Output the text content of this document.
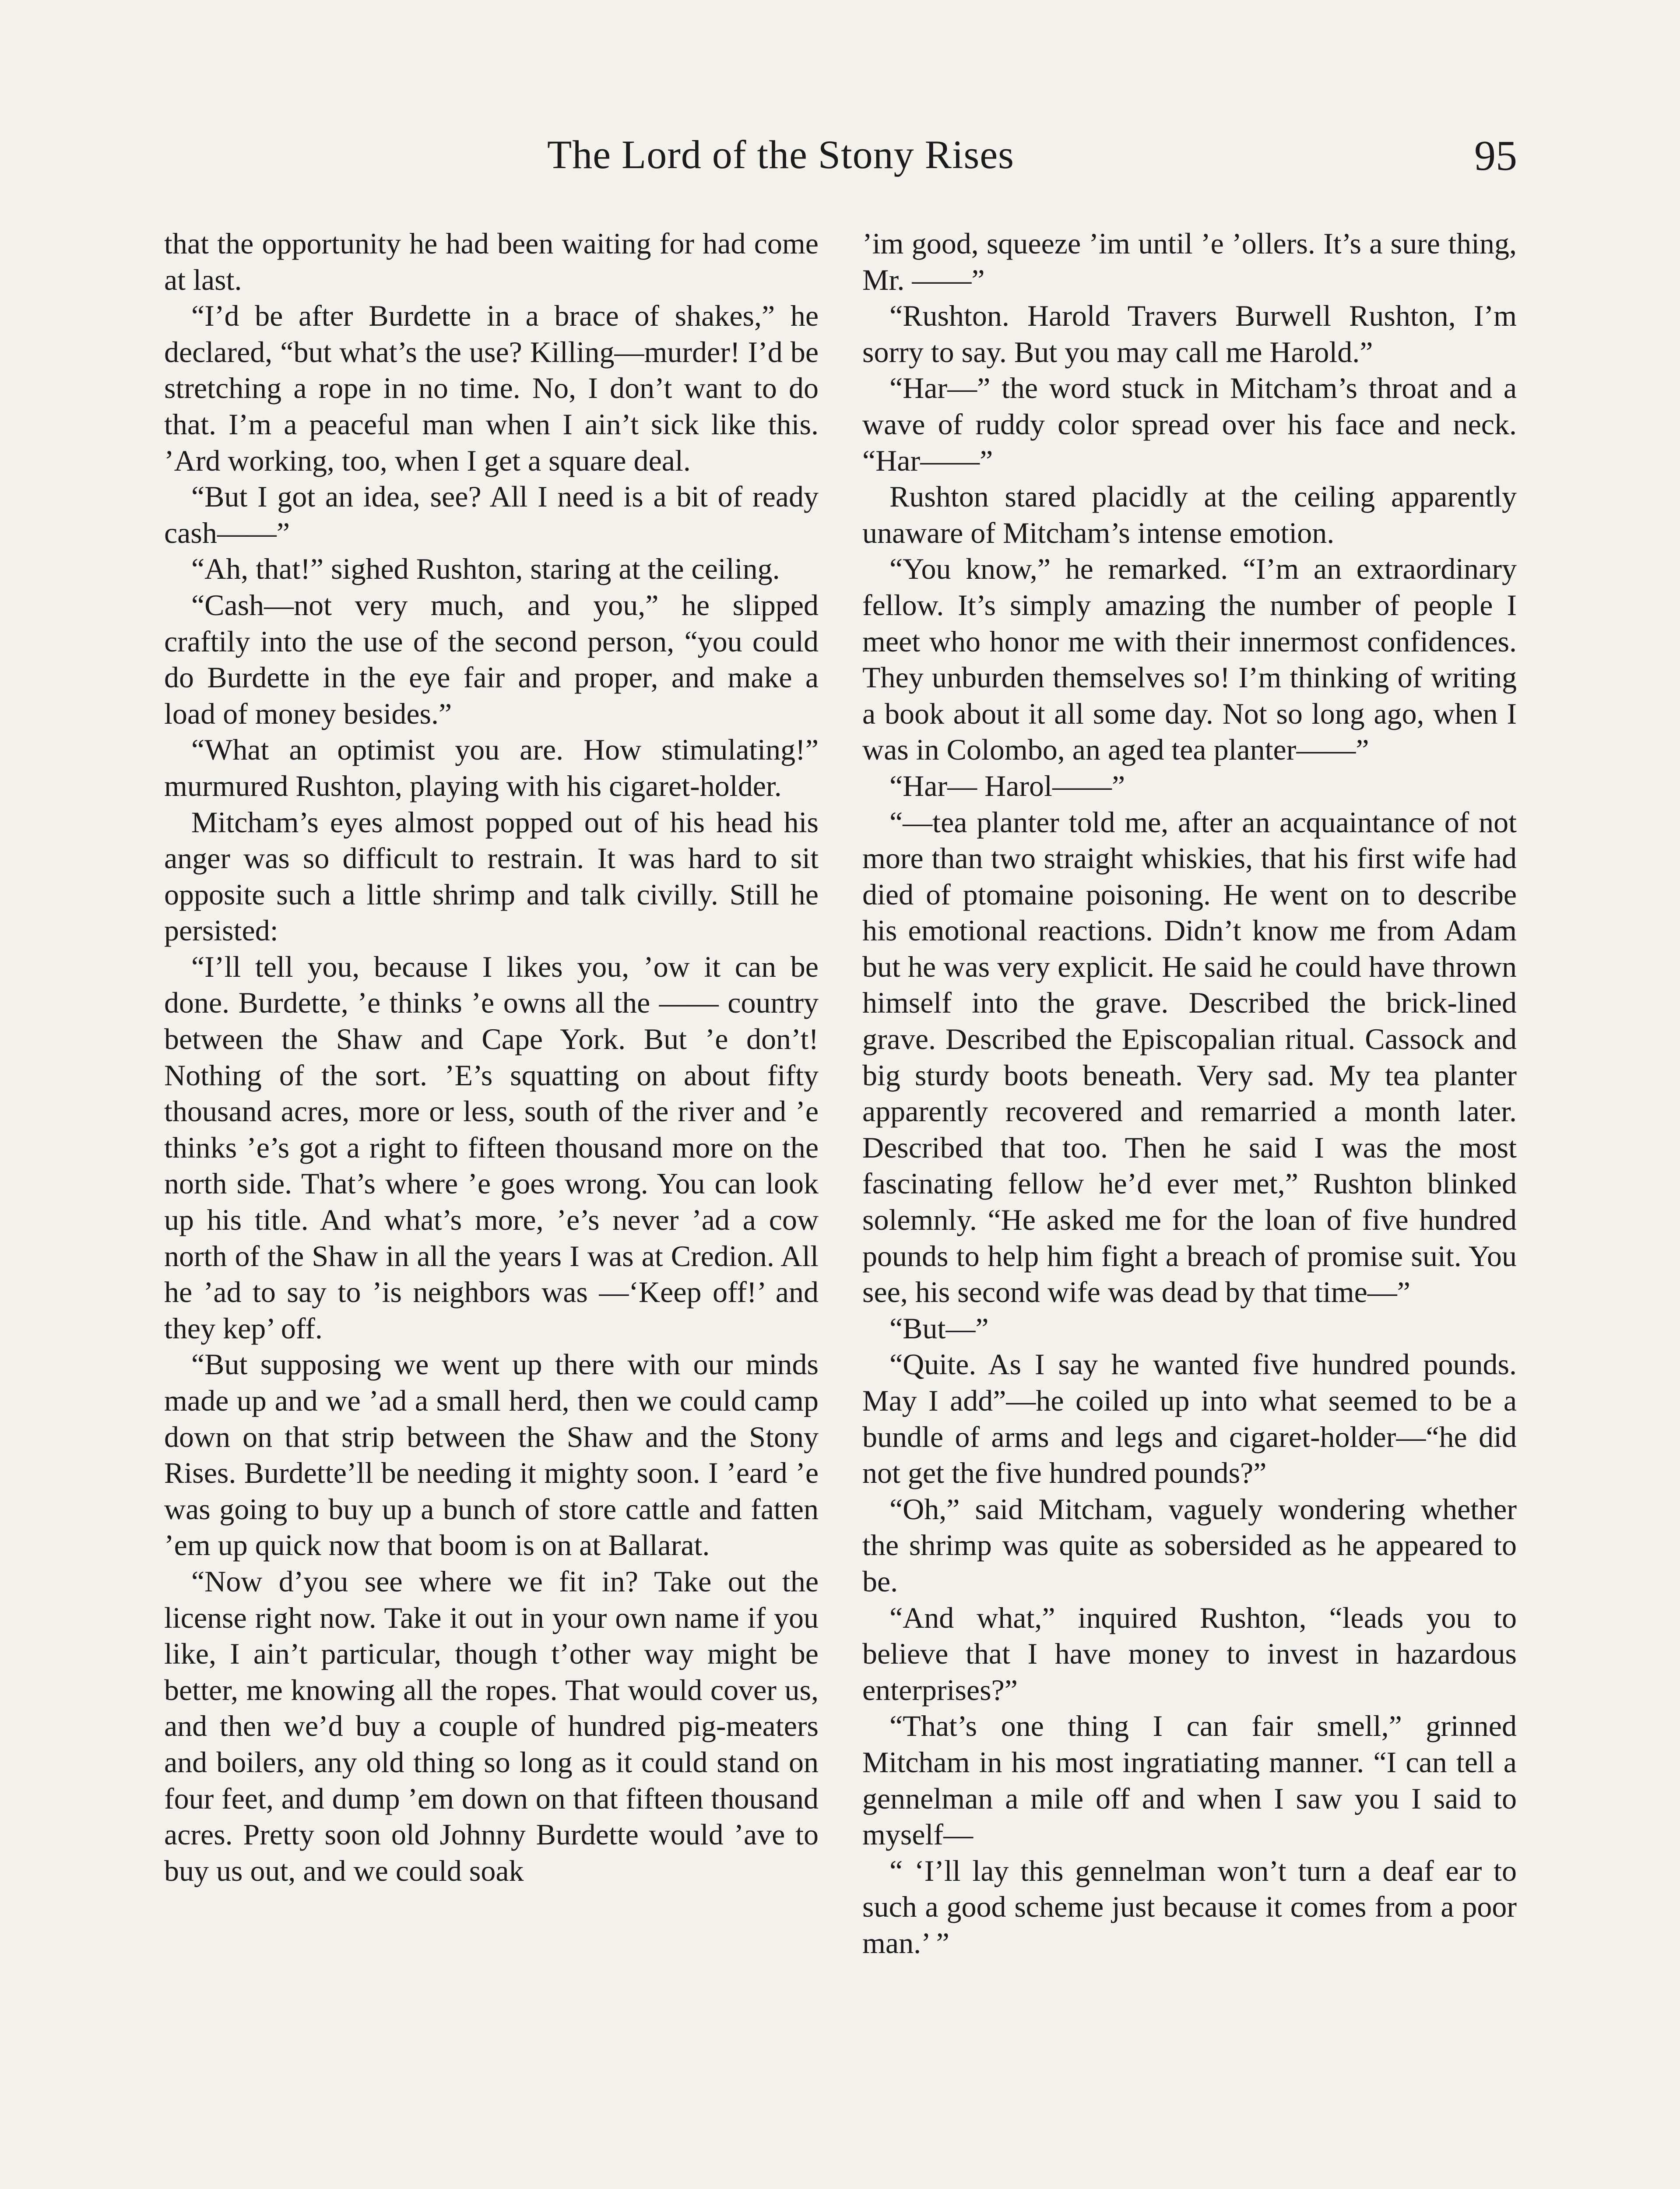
The Lord of the Stony Rises	95

that the opportunity he had been waiting for had come at last.

“I’d be after Burdette in a brace of shakes,” he declared, “but what’s the use? Killing—murder! I’d be stretching a rope in no time. No, I don’t want to do that. I’m a peaceful man when I ain’t sick like this. ’Ard working, too, when I get a square deal.

“But I got an idea, see? All I need is a bit of ready cash——”

“Ah, that!” sighed Rushton, staring at the ceiling.

“Cash—not very much, and you,” he slipped craftily into the use of the second person, “you could do Burdette in the eye fair and proper, and make a load of money besides.”

“What an optimist you are. How stimulating!” murmured Rushton, playing with his cigaret-holder.

Mitcham’s eyes almost popped out of his head his anger was so difficult to restrain. It was hard to sit opposite such a little shrimp and talk civilly. Still he persisted:

“I’ll tell you, because I likes you, ’ow it can be done. Burdette, ’e thinks ’e owns all the —— country between the Shaw and Cape York. But ’e don’t! Nothing of the sort. ’E’s squatting on about fifty thousand acres, more or less, south of the river and ’e thinks ’e’s got a right to fifteen thousand more on the north side. That’s where ’e goes wrong. You can look up his title. And what’s more, ’e’s never ’ad a cow north of the Shaw in all the years I was at Credion. All he ’ad to say to ’is neighbors was —‘Keep off!’ and they kep’ off.

“But supposing we went up there with our minds made up and we ’ad a small herd, then we could camp down on that strip between the Shaw and the Stony Rises. Burdette’ll be needing it mighty soon. I ’eard ’e was going to buy up a bunch of store cattle and fatten ’em up quick now that boom is on at Ballarat.

“Now d’you see where we fit in? Take out the license right now. Take it out in your own name if you like, I ain’t particular, though t’other way might be better, me knowing all the ropes. That would cover us, and then we’d buy a couple of hundred pig-meaters and boilers, any old thing so long as it could stand on four feet, and dump ’em down on that fifteen thousand acres. Pretty soon old Johnny Burdette would ’ave to buy us out, and we could soak

’im good, squeeze ’im until ’e ’ollers. It’s a sure thing, Mr. ——”

“Rushton. Harold Travers Burwell Rushton, I’m sorry to say. But you may call me Harold.”

“Har—” the word stuck in Mitcham’s throat and a wave of ruddy color spread over his face and neck. “Har——”

Rushton stared placidly at the ceiling apparently unaware of Mitcham’s intense emotion.

“You know,” he remarked. “I’m an extraordinary fellow. It’s simply amazing the number of people I meet who honor me with their innermost confidences. They unburden themselves so! I’m thinking of writing a book about it all some day. Not so long ago, when I was in Colombo, an aged tea planter——”

“Har— Harol——”

“—tea planter told me, after an acquaintance of not more than two straight whiskies, that his first wife had died of ptomaine poisoning. He went on to describe his emotional reactions. Didn’t know me from Adam but he was very explicit. He said he could have thrown himself into the grave. Described the brick-lined grave. Described the Episcopalian ritual. Cassock and big sturdy boots beneath. Very sad. My tea planter apparently recovered and remarried a month later. Described that too. Then he said I was the most fascinating fellow he’d ever met,” Rushton blinked solemnly. “He asked me for the loan of five hundred pounds to help him fight a breach of promise suit. You see, his second wife was dead by that time—”

“But—”

“Quite. As I say he wanted five hundred pounds. May I add”—he coiled up into what seemed to be a bundle of arms and legs and cigaret-holder—“he did not get the five hundred pounds?”

“Oh,” said Mitcham, vaguely wondering whether the shrimp was quite as sobersided as he appeared to be.

“And what,” inquired Rushton, “leads you to believe that I have money to invest in hazardous enterprises?”

“That’s one thing I can fair smell,” grinned Mitcham in his most ingratiating manner. “I can tell a gennelman a mile off and when I saw you I said to myself—

“ ‘I’ll lay this gennelman won’t turn a deaf ear to such a good scheme just because it comes from a poor man.’ ”
